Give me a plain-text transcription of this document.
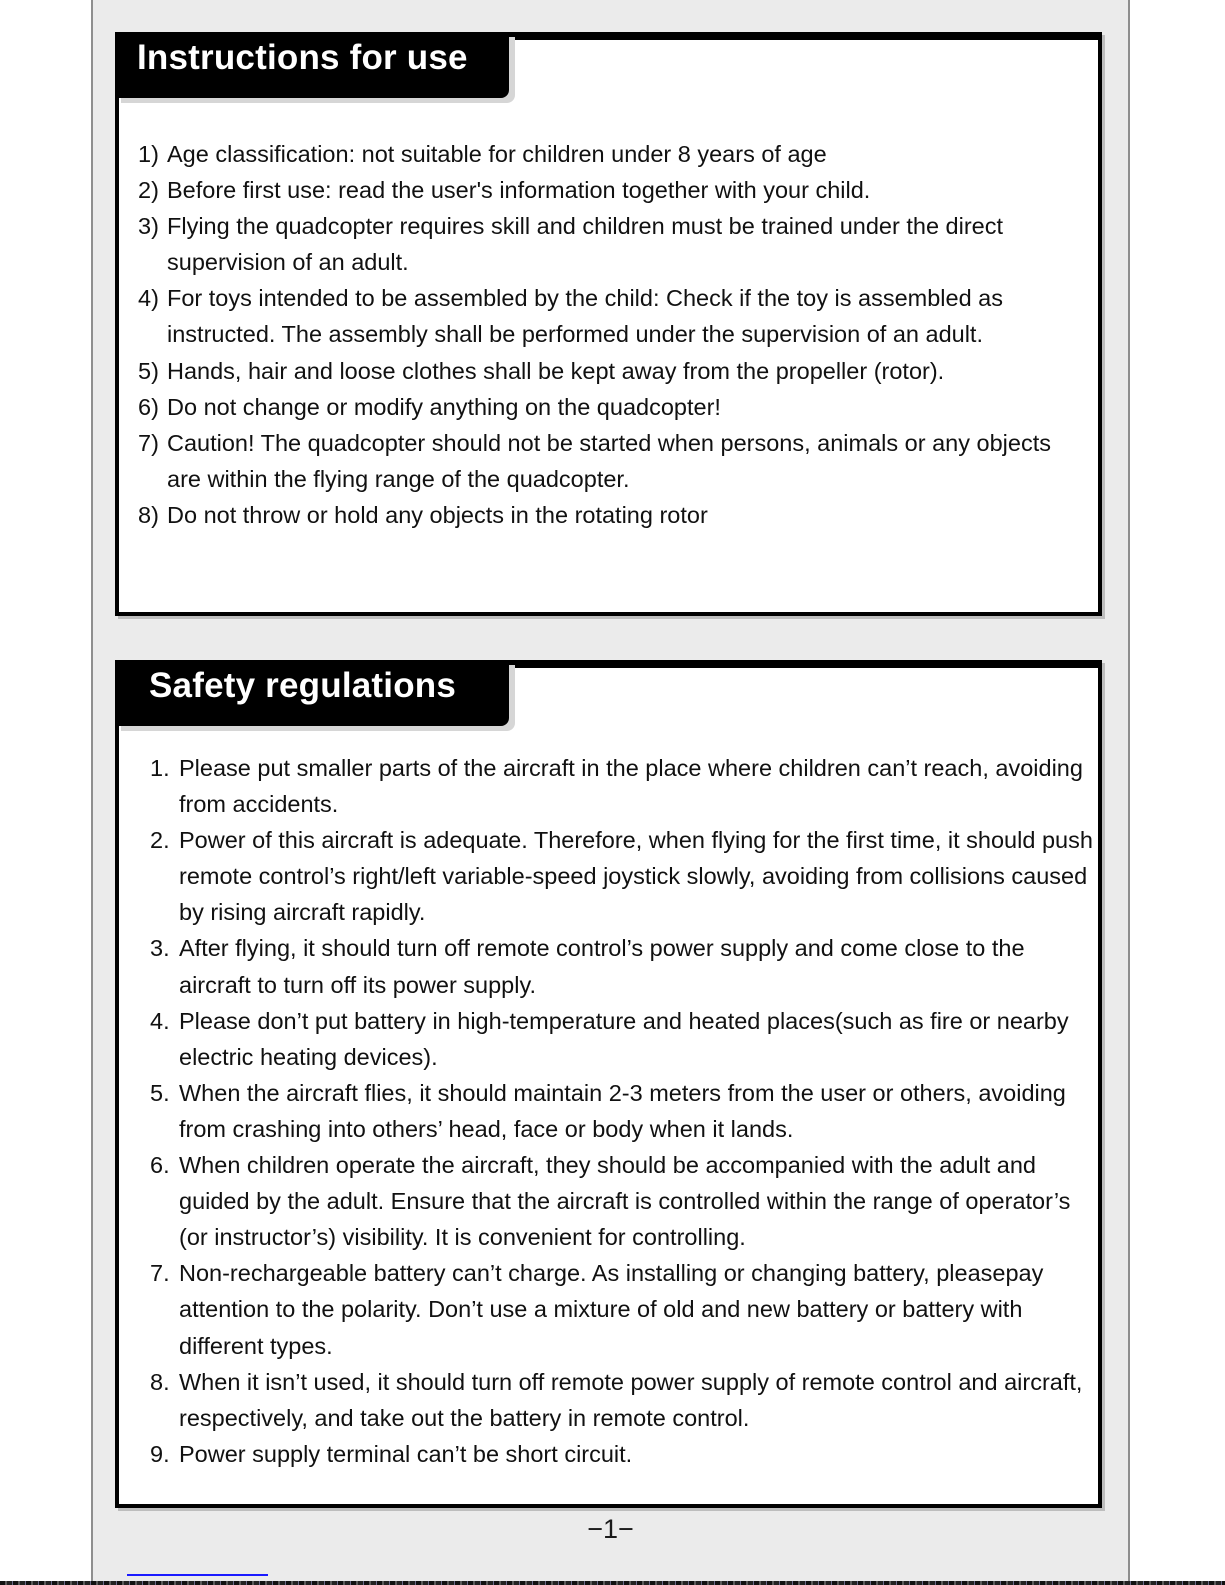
Instructions for use
1) Age classification: not suitable for children under 8 years of age
2) Before first use: read the user's information together with your child.
3) Flying the quadcopter requires skill and children must be trained under the direct supervision of an adult.
4) For toys intended to be assembled by the child: Check if the toy is assembled as instructed. The assembly shall be performed under the supervision of an adult.
5) Hands, hair and loose clothes shall be kept away from the propeller (rotor).
6) Do not change or modify anything on the quadcopter!
7) Caution! The quadcopter should not be started when persons, animals or any objects are within the flying range of the quadcopter.
8) Do not throw or hold any objects in the rotating rotor
Safety regulations
1. Please put smaller parts of the aircraft in the place where children can’t reach, avoiding from accidents.
2. Power of this aircraft is adequate. Therefore, when flying for the first time, it should push remote control’s right/left variable-speed joystick slowly, avoiding from collisions caused by rising aircraft rapidly.
3. After flying, it should turn off remote control’s power supply and come close to the aircraft to turn off its power supply.
4. Please don’t put battery in high-temperature and heated places(such as fire or nearby electric heating devices).
5. When the aircraft flies, it should maintain 2-3 meters from the user or others, avoiding from crashing into others’ head, face or body when it lands.
6. When children operate the aircraft, they should be accompanied with the adult and guided by the adult. Ensure that the aircraft is controlled within the range of operator’s (or instructor’s) visibility. It is convenient for controlling.
7. Non-rechargeable battery can’t charge. As installing or changing battery, pleasepay attention to the polarity. Don’t use a mixture of old and new battery or battery with different types.
8. When it isn’t used, it should turn off remote power supply of remote control and aircraft, respectively, and take out the battery in remote control.
9. Power supply terminal can’t be short circuit.
−1−
